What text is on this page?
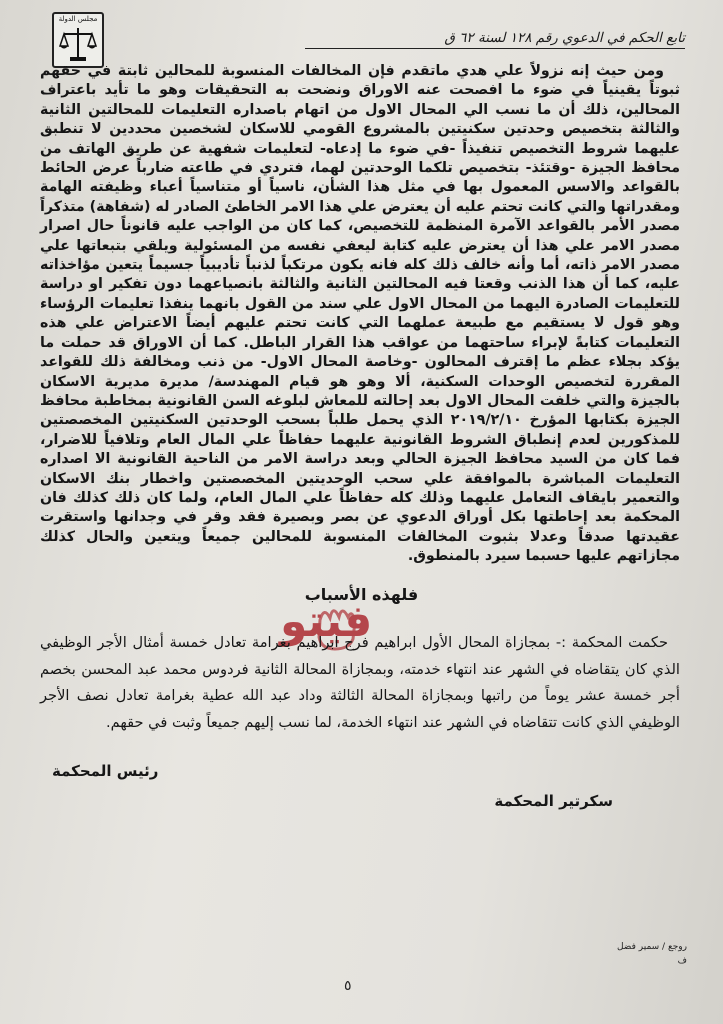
مجلس الدولة
تابع الحكم في الدعوي رقم ١٢٨ لسنة ٦٢ ق

ومن حيث إنه نزولاً علي هدي ماتقدم فإن المخالفات المنسوبة للمحالين ثابتة في حقهم ثبوتاً يقينياً في ضوء ما افصحت عنه الاوراق ونضحت به التحقيقات وهو ما تأيد باعتراف المحالين، ذلك أن ما نسب الي المحال الاول من اتهام باصداره التعليمات للمحالتين الثانية والثالثة بتخصيص وحدتين سكنيتين بالمشروع القومي للاسكان لشخصين محددين لا تنطبق عليهما شروط التخصيص تنفيذاً -في ضوء ما إدعاه- لتعليمات شفهية عن طريق الهاتف من محافظ الجيزة -وقتئذ- بتخصيص تلكما الوحدتين لهما، فتردي في طاعته ضارباً عرض الحائط بالقواعد والاسس المعمول بها في مثل هذا الشأن، ناسياً أو متناسياً أعباء وظيفته الهامة ومقدراتها والتي كانت تحتم عليه أن يعترض علي هذا الامر الخاطئ الصادر له (شفاهة) متذكراً مصدر الأمر بالقواعد الآمرة المنظمة للتخصيص، كما كان من الواجب عليه قانوناً حال اصرار مصدر الامر علي هذا أن يعترض عليه كتابة ليعفي نفسه من المسئولية ويلقي بتبعاتها علي مصدر الامر ذاته، أما وأنه خالف ذلك كله فانه يكون مرتكباً لذنباً تأديبياً جسيماً يتعين مؤاخذاته عليه، كما أن هذا الذنب وقعتا فيه المحالتين الثانية والثالثة بانصياعهما دون تفكير او دراسة للتعليمات الصادرة اليهما من المحال الاول علي سند من القول بانهما ينفذا تعليمات الرؤساء وهو قول لا يستقيم مع طبيعة عملهما التي كانت تحتم عليهم أيضاً الاعتراض علي هذه التعليمات كتابةً لإبراء ساحتهما من عواقب هذا القرار الباطل. كما أن الاوراق قد حملت ما يؤكد بجلاء عظم ما إقترف المحالون -وخاصة المحال الاول- من ذنب ومخالفة ذلك للقواعد المقررة لتخصيص الوحدات السكنية، ألا وهو هو قيام المهندسة/ مديرة مديرية الاسكان بالجيزة والتي خلفت المحال الاول بعد إحالته للمعاش لبلوغه السن القانونية بمخاطبة محافظ الجيزة بكتابها المؤرخ ٢٠١٩/٢/١٠ الذي يحمل طلباً بسحب الوحدتين السكنيتين المخصصتين للمذكورين لعدم إنطباق الشروط القانونية عليهما حفاظاً علي المال العام وتلافياً للاضرار، فما كان من السيد محافظ الجيزة الحالي وبعد دراسة الامر من الناحية القانونية الا اصداره التعليمات المباشرة بالموافقة علي سحب الوحديتين المخصصتين واخطار بنك الاسكان والتعمير بايقاف التعامل عليهما وذلك كله حفاظاً علي المال العام، ولما كان ذلك كذلك فان المحكمة بعد إحاطتها بكل أوراق الدعوي عن بصر وبصيرة فقد وقر في وجدانها واستقرت عقيدتها صدقاً وعدلا بثبوت المخالفات المنسوبة للمحالين جميعاً ويتعين والحال كذلك مجازاتهم عليها حسبما سيرد بالمنطوق.

فلهذه الأسباب
فيتو

حكمت المحكمة :- بمجازاة المحال الأول ابراهيم فرج ابراهيم بغرامة تعادل خمسة أمثال الأجر الوظيفي الذي كان يتقاضاه في الشهر عند انتهاء خدمته، وبمجازاة المحالة الثانية فردوس محمد عبد المحسن بخصم أجر خمسة عشر يوماً من راتبها وبمجازاة المحالة الثالثة وداد عبد الله عطية بغرامة تعادل نصف الأجر الوظيفي الذي كانت تتقاضاه في الشهر عند انتهاء الخدمة، لما نسب إليهم جميعاً وثبت في حقهم.

رئيس المحكمة
سكرتير المحكمة
روجع / سمير فضل
ف
٥
